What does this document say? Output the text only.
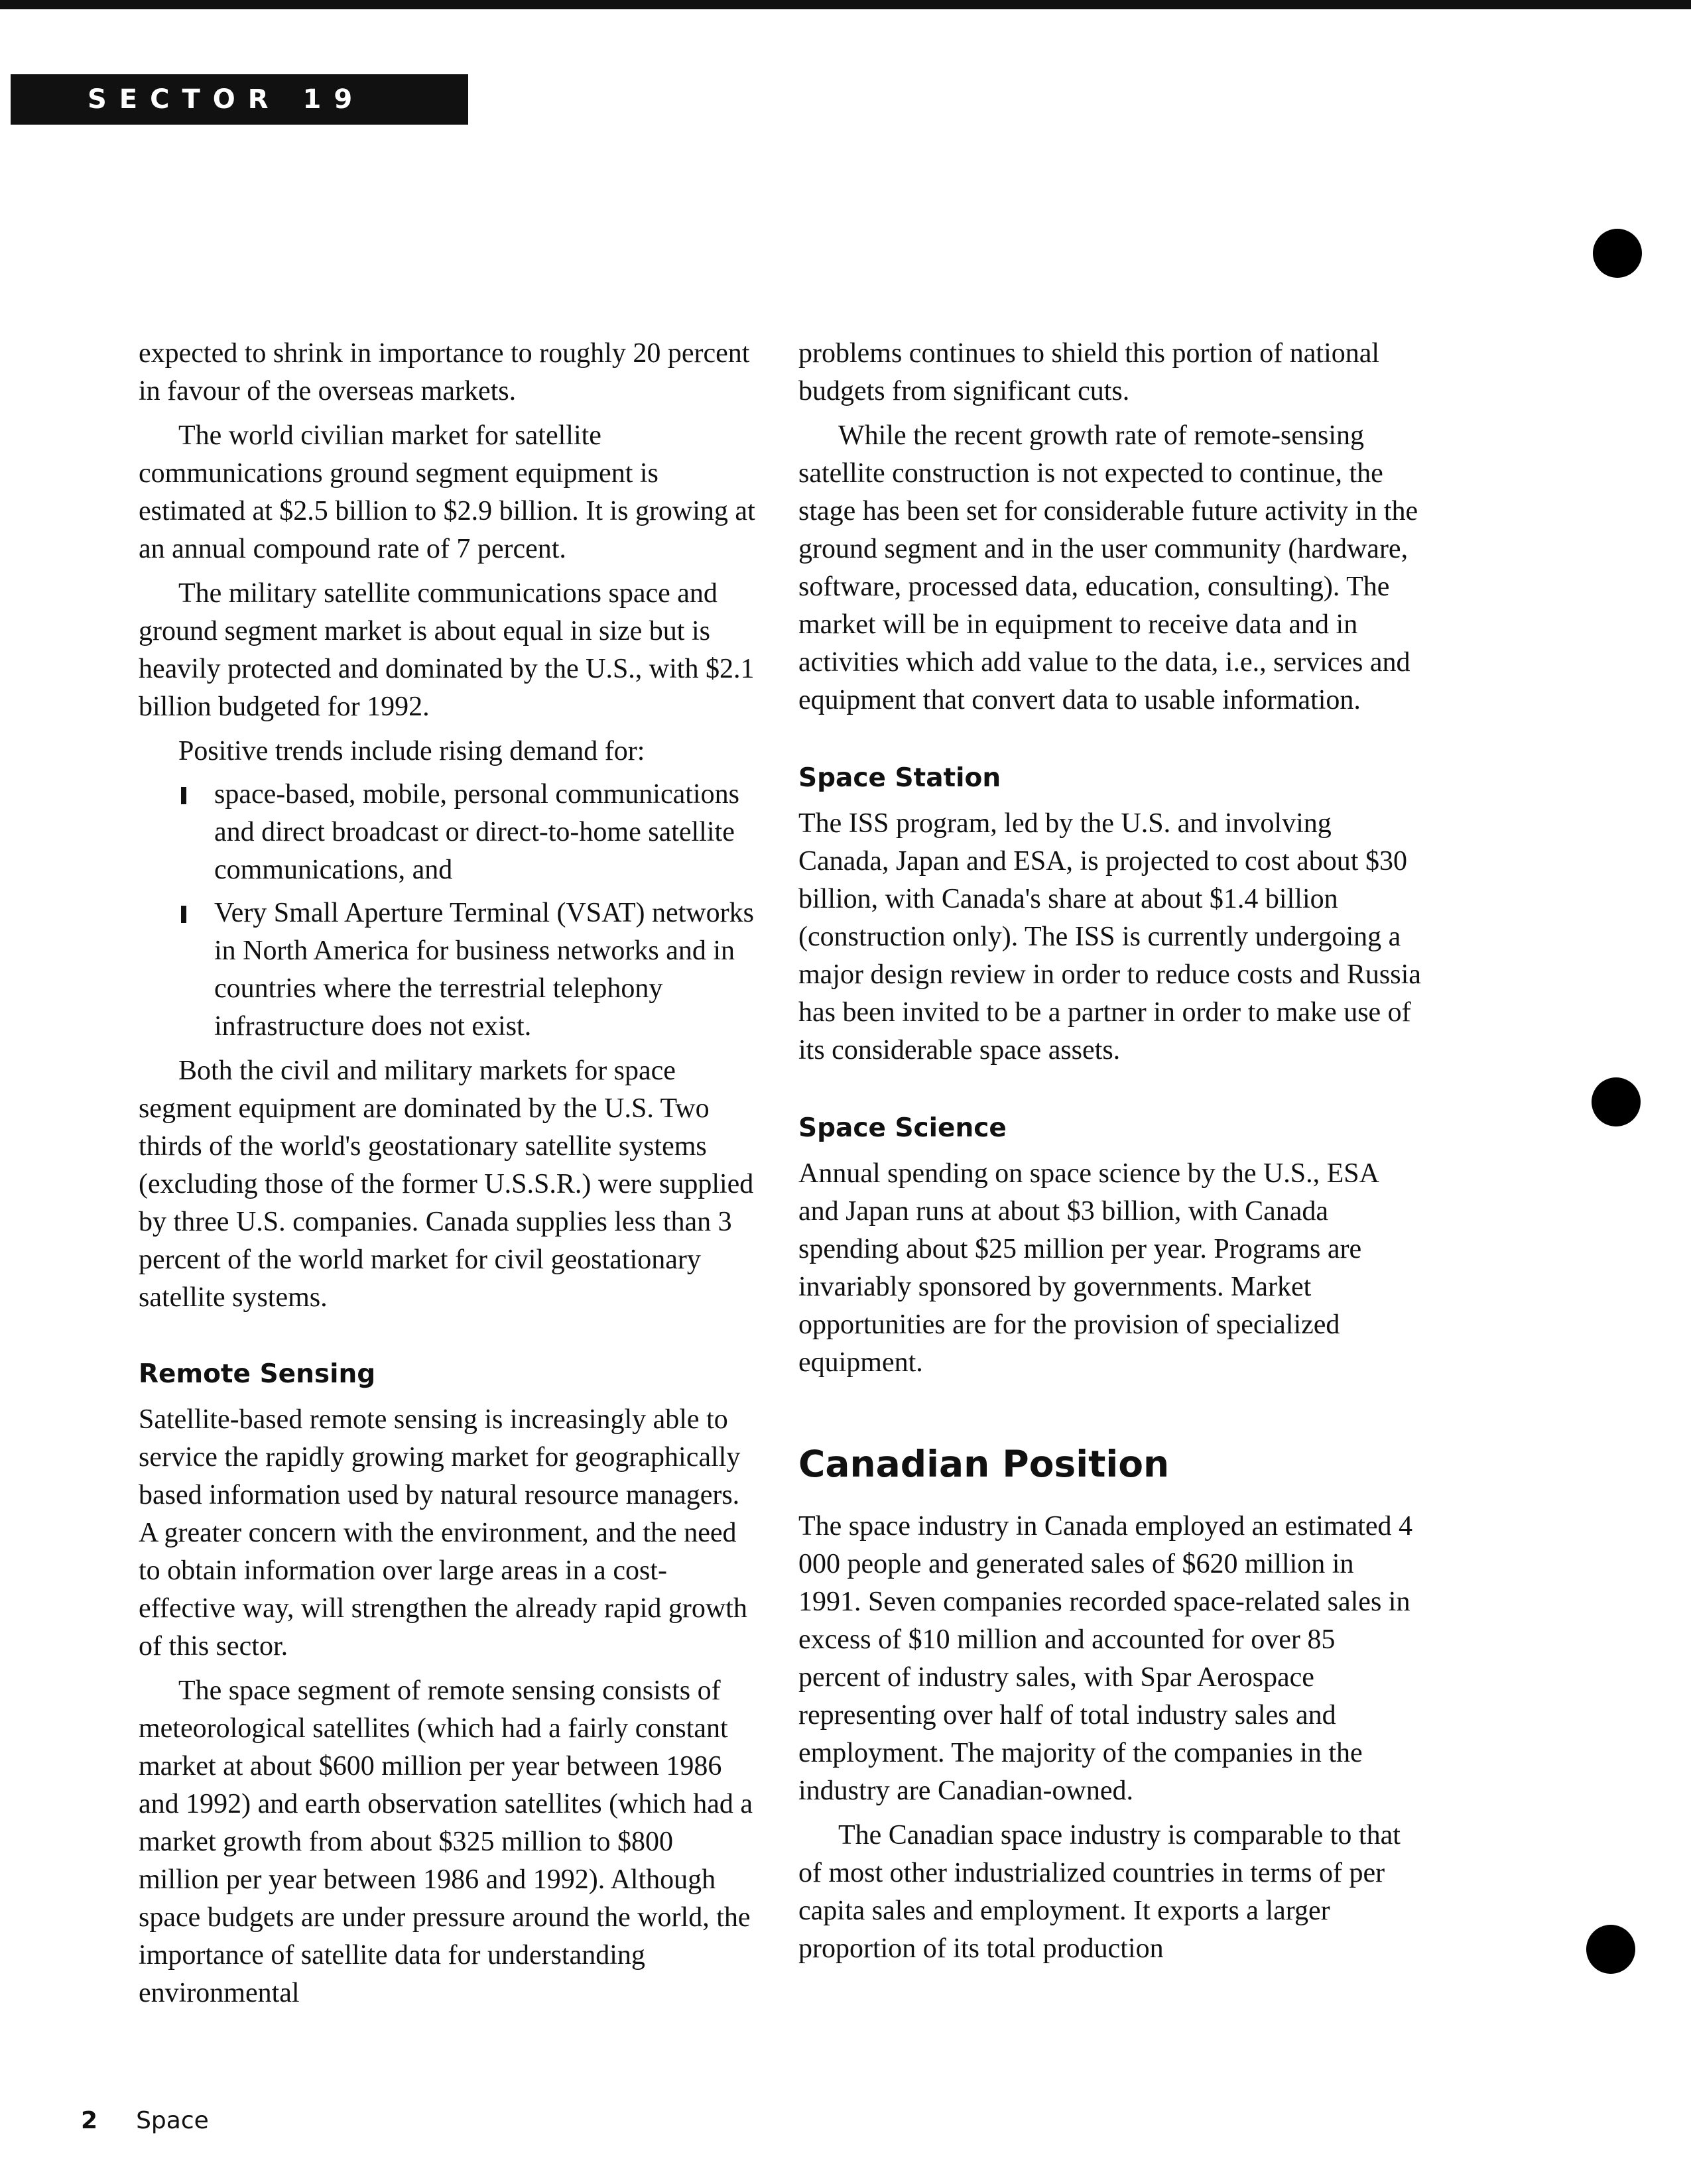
SECTOR 19

expected to shrink in importance to roughly 20 percent in favour of the overseas markets.

The world civilian market for satellite communications ground segment equipment is estimated at $2.5 billion to $2.9 billion. It is growing at an annual compound rate of 7 percent.

The military satellite communications space and ground segment market is about equal in size but is heavily protected and dominated by the U.S., with $2.1 billion budgeted for 1992.

Positive trends include rising demand for:

space-based, mobile, personal communications and direct broadcast or direct-to-home satellite communications, and
Very Small Aperture Terminal (VSAT) networks in North America for business networks and in countries where the terrestrial telephony infrastructure does not exist.

Both the civil and military markets for space segment equipment are dominated by the U.S. Two thirds of the world's geostationary satellite systems (excluding those of the former U.S.S.R.) were supplied by three U.S. companies. Canada supplies less than 3 percent of the world market for civil geostationary satellite systems.

Remote Sensing

Satellite-based remote sensing is increasingly able to service the rapidly growing market for geographically based information used by natural resource managers. A greater concern with the environment, and the need to obtain information over large areas in a cost-effective way, will strengthen the already rapid growth of this sector.

The space segment of remote sensing consists of meteorological satellites (which had a fairly constant market at about $600 million per year between 1986 and 1992) and earth observation satellites (which had a market growth from about $325 million to $800 million per year between 1986 and 1992). Although space budgets are under pressure around the world, the importance of satellite data for understanding environmental

problems continues to shield this portion of national budgets from significant cuts.

While the recent growth rate of remote-sensing satellite construction is not expected to continue, the stage has been set for considerable future activity in the ground segment and in the user community (hardware, software, processed data, education, consulting). The market will be in equipment to receive data and in activities which add value to the data, i.e., services and equipment that convert data to usable information.

Space Station

The ISS program, led by the U.S. and involving Canada, Japan and ESA, is projected to cost about $30 billion, with Canada's share at about $1.4 billion (construction only). The ISS is currently undergoing a major design review in order to reduce costs and Russia has been invited to be a partner in order to make use of its considerable space assets.

Space Science

Annual spending on space science by the U.S., ESA and Japan runs at about $3 billion, with Canada spending about $25 million per year. Programs are invariably sponsored by governments. Market opportunities are for the provision of specialized equipment.

Canadian Position

The space industry in Canada employed an estimated 4 000 people and generated sales of $620 million in 1991. Seven companies recorded space-related sales in excess of $10 million and accounted for over 85 percent of industry sales, with Spar Aerospace representing over half of total industry sales and employment. The majority of the companies in the industry are Canadian-owned.

The Canadian space industry is comparable to that of most other industrialized countries in terms of per capita sales and employment. It exports a larger proportion of its total production

2 Space
